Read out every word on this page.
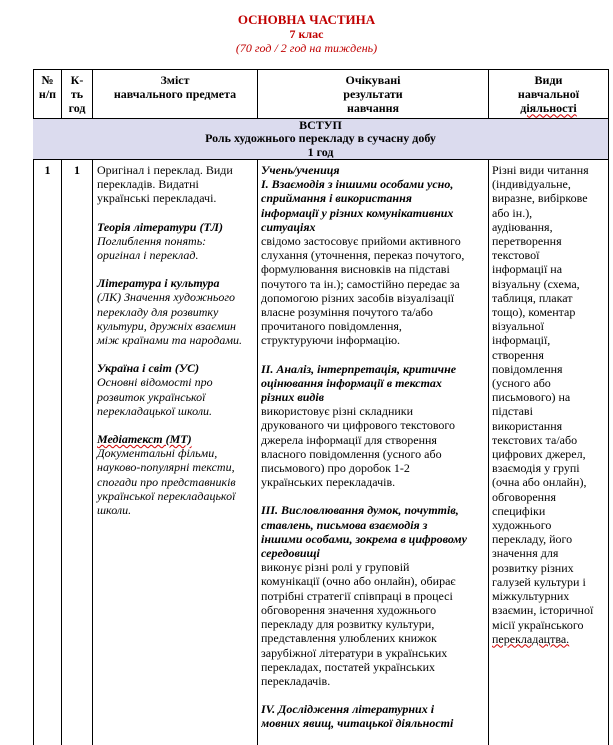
ОСНОВНА ЧАСТИНА
7 клас
(70 год / 2 год на тиждень)
№
н/п
К-
ть
год
Зміст
навчального предмета
Очікувані
результати
навчання
Види
навчальної
діяльності
ВСТУП
Роль художнього перекладу в сучасну добу
1 год
1	1	Оригінал і переклад. Види

перекладів. Видатні

українські перекладачі.

Теорія літератури (ТЛ)

Поглиблення понять:

оригінал і переклад.

Література і культура

(ЛК) Значення художнього

перекладу для розвитку

культури, дружніх взаємин

між країнами та народами.

Україна і світ (УС)

Основні відомості про

розвиток української

перекладацької школи.

Медіатекст (МТ)

Документальні фільми,

науково-популярні тексти,

спогади про представників

української перекладацької

школи.

Учень/учениця

I. Взаємодія з іншими особами усно,

сприймання і використання

інформації у різних комунікативних

ситуаціях

свідомо застосовує прийоми активного

слухання (уточнення, переказ почутого,

формулювання висновків на підставі

почутого та ін.); самостійно передає за

допомогою різних засобів візуалізації

власне розуміння почутого та/або

прочитаного повідомлення,

структуруючи інформацію.

II. Аналіз, інтерпретація, критичне

оцінювання інформації в текстах

різних видів

використовує різні складники

друкованого чи цифрового текстового

джерела інформації для створення

власного повідомлення (усного або

письмового) про доробок 1-2

українських перекладачів.

III. Висловлювання думок, почуттів,

ставлень, письмова взаємодія з

іншими особами, зокрема в цифровому

середовищі

виконує різні ролі у груповій

комунікації (очно або онлайн), обирає

потрібні стратегії співпраці в процесі

обговорення значення художнього

перекладу для розвитку культури,

представлення улюблених книжок

зарубіжної літератури в українських

перекладах, постатей українських

перекладачів.

IV. Дослідження літературних і

мовних явищ, читацької діяльності

Різні види читання

(індивідуальне,

виразне, вибіркове

або ін.),

аудіювання,

перетворення

текстової

інформації на

візуальну (схема,

таблиця, плакат

тощо), коментар

візуальної

інформації,

створення

повідомлення

(усного або

письмового) на

підставі

використання

текстових та/або

цифрових джерел,

взаємодія у групі

(очна або онлайн),

обговорення

специфіки

художнього

перекладу, його

значення для

розвитку різних

галузей культури і

міжкультурних

взаємин, історичної

місії українського

перекладацтва.
